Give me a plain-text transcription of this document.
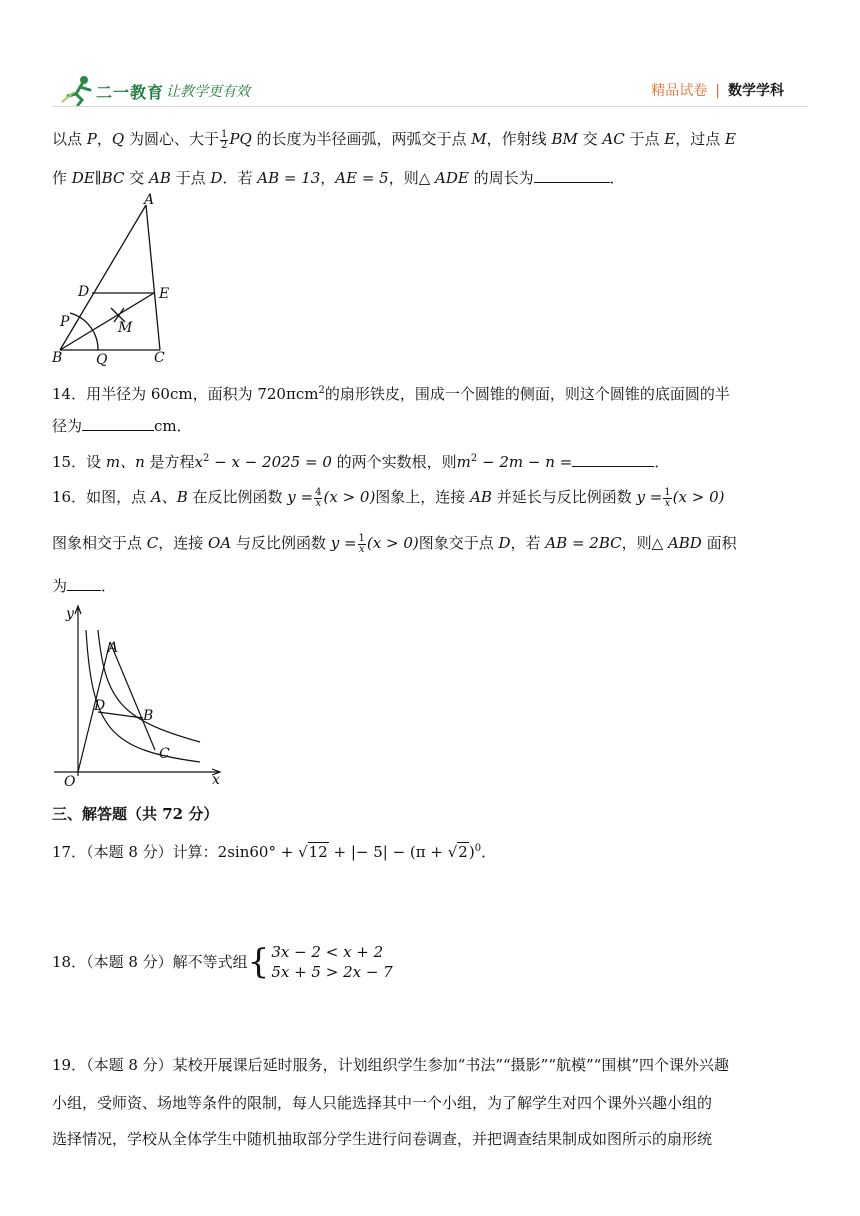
二一教育 让教学更有效	精品试卷 | 数学学科
以点 P，Q 为圆心、大于 $\frac{1}{2}$ PQ 的长度为半径画弧，两弧交于点 M，作射线 BM 交 AC 于点 E，过点 E
作 DE∥BC 交 AB 于点 D．若 AB = 13，AE = 5，则△ ADE 的周长为	．
A
D	E
P	M
B Q	C
14．用半径为 60cm，面积为 720πcm$^2$的扇形铁皮，围成一个圆锥的侧面，则这个圆锥的底面圆的半
径为	cm．
15．设 m、n 是方程$x^2 - x - 2025 = 0$ 的两个实数根，则$m^2 - 2m - n$ =	．
16．如图，点 A、B 在反比例函数 $y = \frac{4}{x} (x > 0)$图象上，连接 AB 并延长与反比例函数 $y = \frac{1}{x} (x > 0)$
图象相交于点 C，连接 OA 与反比例函数 $y = \frac{1}{x} (x > 0)$图象交于点 D，若 AB = 2BC，则△ ABD 面积
为 ．
y
A
D
B
C
O	x
三、解答题（共 72 分）
17．（本题 8 分）计算：2sin60° + √12 + |− $5| - (\pi + √2)^0$．
18．（本题 8 分）解不等式组{ 3x − 2 < x + 2
5x + 5 > 2x − 7
19．（本题 8 分）某校开展课后延时服务，计划组织学生参加“书法”“摄影”“航模”“围棋”四个课外兴趣
小组，受师资、场地等条件的限制，每人只能选择其中一个小组，为了解学生对四个课外兴趣小组的
选择情况，学校从全体学生中随机抽取部分学生进行问卷调查，并把调查结果制成如图所示的扇形统
